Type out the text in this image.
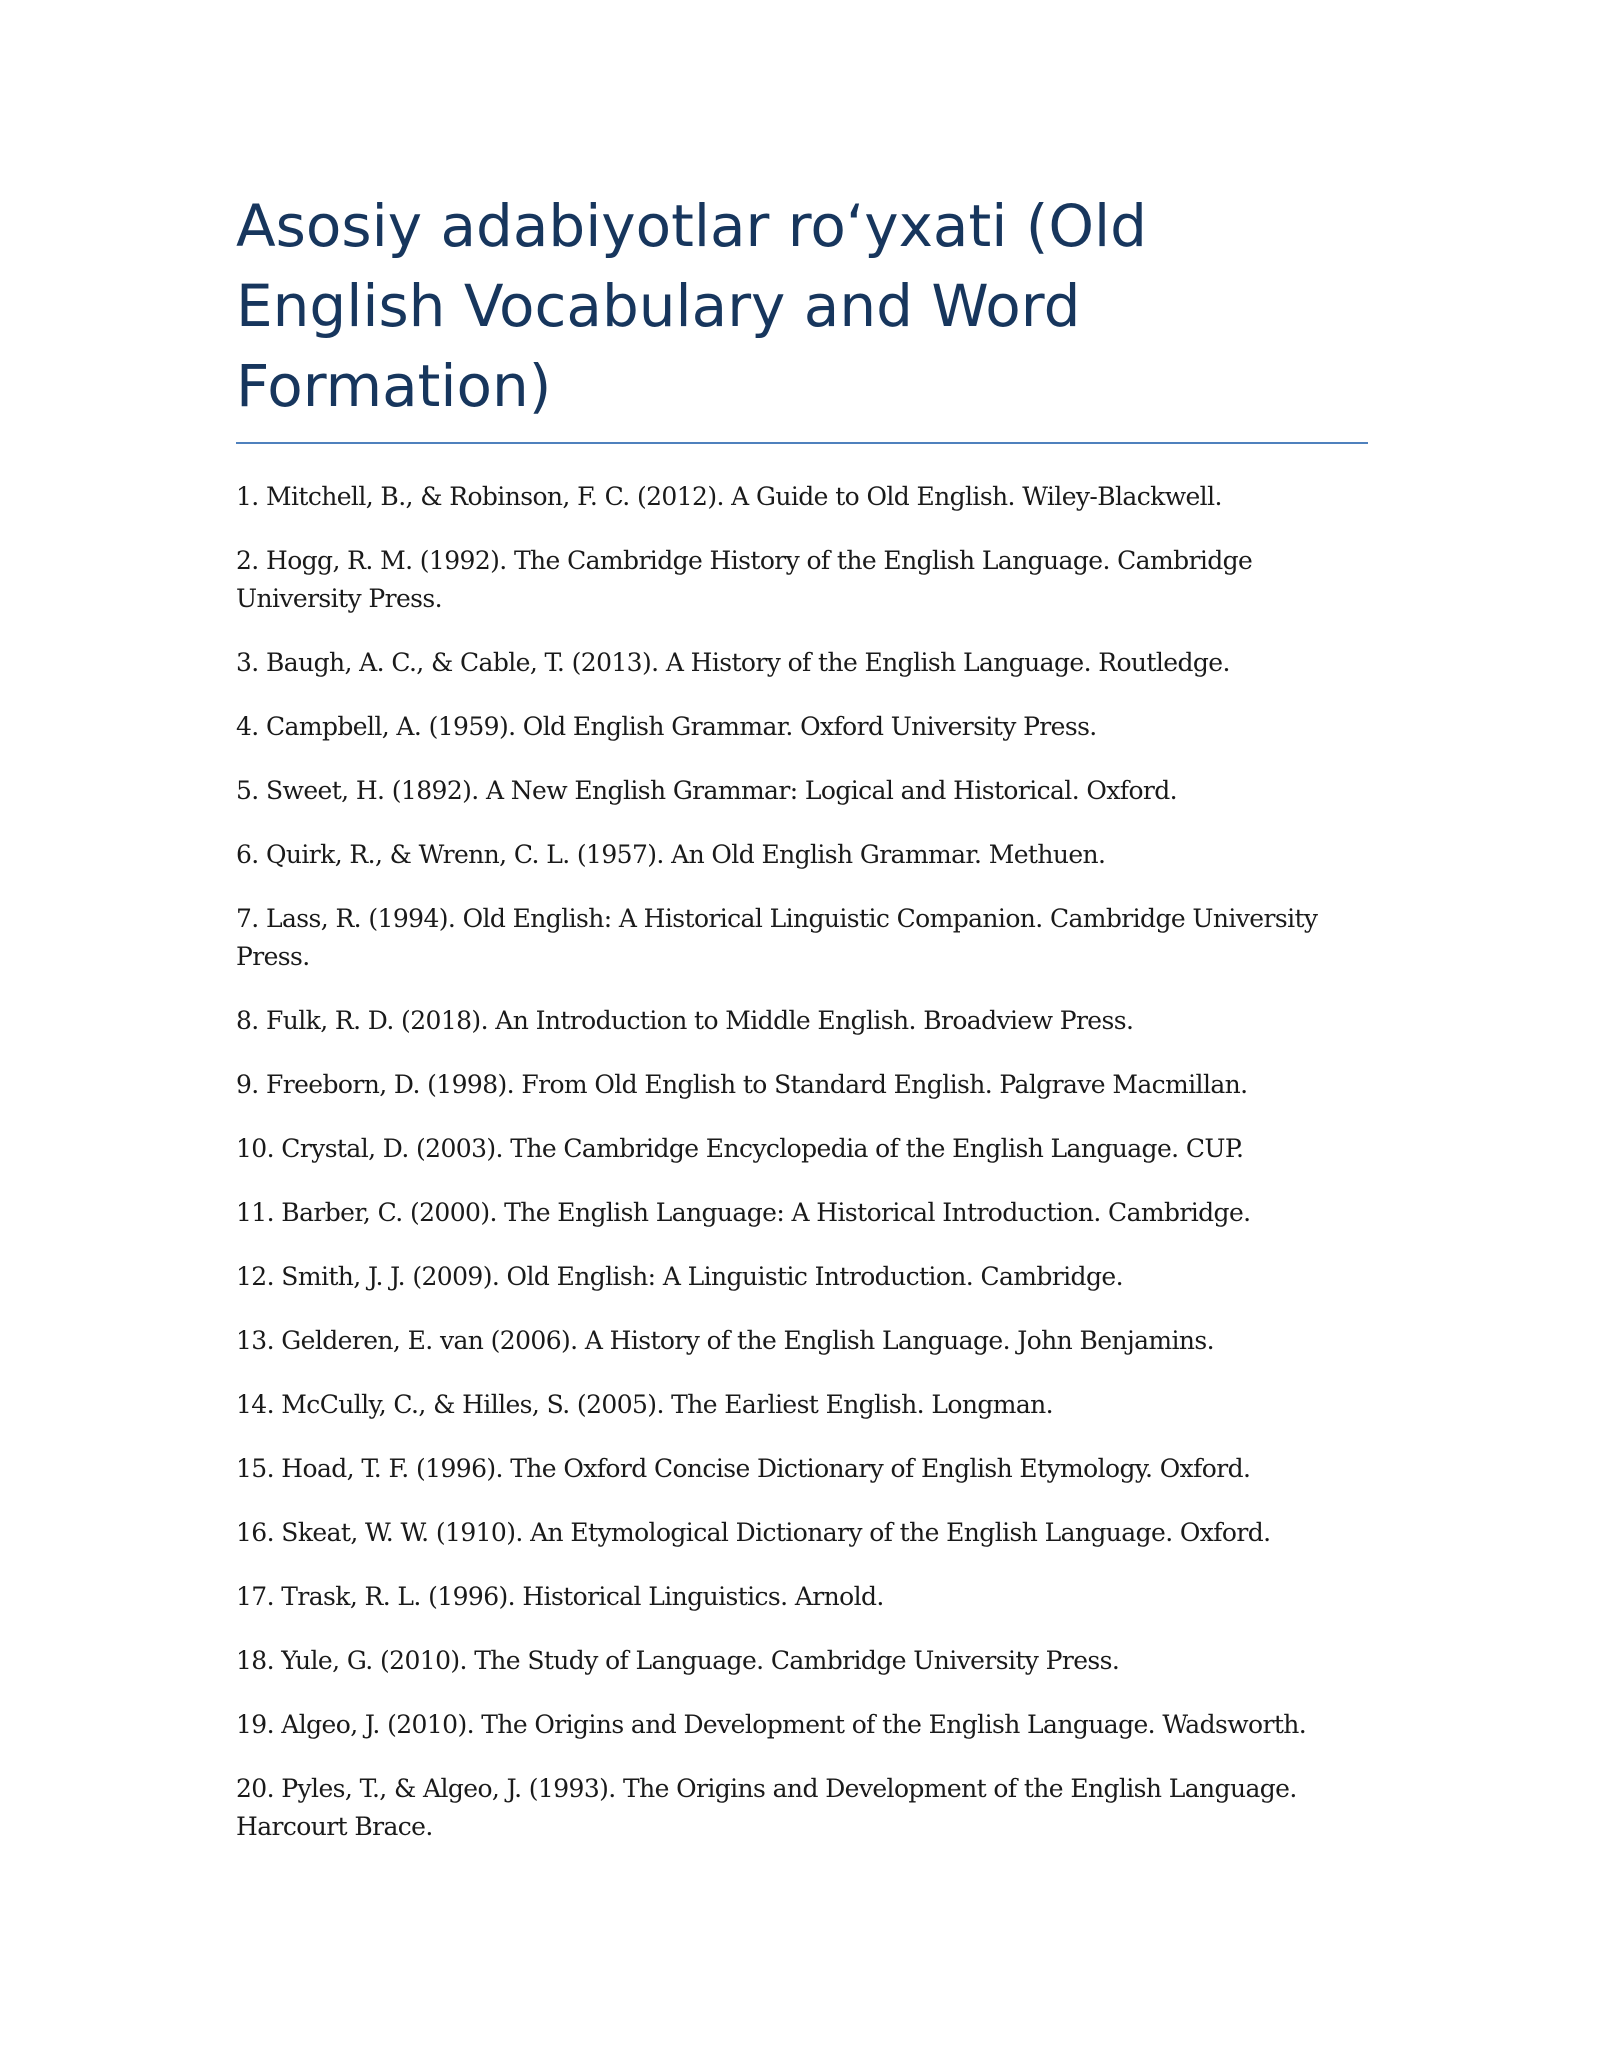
Asosiy adabiyotlar ro‘yxati (Old English Vocabulary and Word Formation)
1. Mitchell, B., & Robinson, F. C. (2012). A Guide to Old English. Wiley-Blackwell.
2. Hogg, R. M. (1992). The Cambridge History of the English Language. Cambridge University Press.
3. Baugh, A. C., & Cable, T. (2013). A History of the English Language. Routledge.
4. Campbell, A. (1959). Old English Grammar. Oxford University Press.
5. Sweet, H. (1892). A New English Grammar: Logical and Historical. Oxford.
6. Quirk, R., & Wrenn, C. L. (1957). An Old English Grammar. Methuen.
7. Lass, R. (1994). Old English: A Historical Linguistic Companion. Cambridge University Press.
8. Fulk, R. D. (2018). An Introduction to Middle English. Broadview Press.
9. Freeborn, D. (1998). From Old English to Standard English. Palgrave Macmillan.
10. Crystal, D. (2003). The Cambridge Encyclopedia of the English Language. CUP.
11. Barber, C. (2000). The English Language: A Historical Introduction. Cambridge.
12. Smith, J. J. (2009). Old English: A Linguistic Introduction. Cambridge.
13. Gelderen, E. van (2006). A History of the English Language. John Benjamins.
14. McCully, C., & Hilles, S. (2005). The Earliest English. Longman.
15. Hoad, T. F. (1996). The Oxford Concise Dictionary of English Etymology. Oxford.
16. Skeat, W. W. (1910). An Etymological Dictionary of the English Language. Oxford.
17. Trask, R. L. (1996). Historical Linguistics. Arnold.
18. Yule, G. (2010). The Study of Language. Cambridge University Press.
19. Algeo, J. (2010). The Origins and Development of the English Language. Wadsworth.
20. Pyles, T., & Algeo, J. (1993). The Origins and Development of the English Language. Harcourt Brace.
